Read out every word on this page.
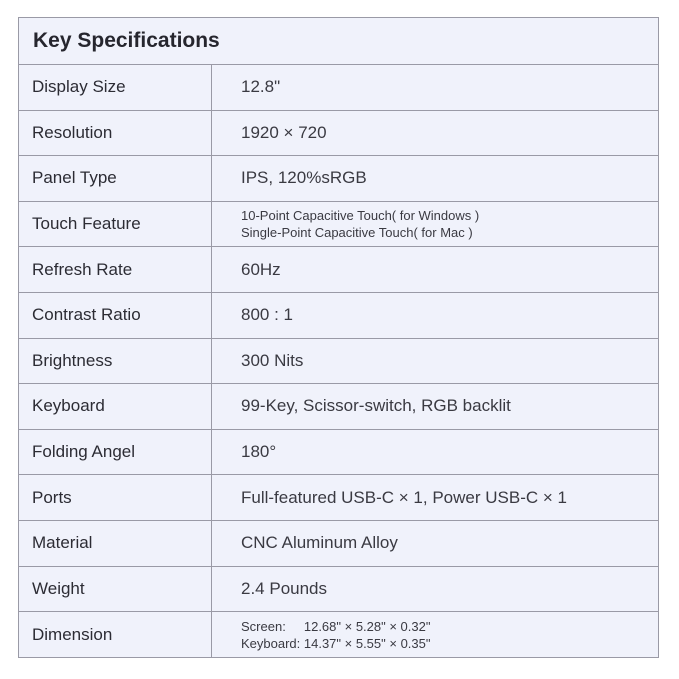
Key Specifications
Display Size	12.8"
Resolution	1920 × 720
Panel Type	IPS, 120%sRGB
Touch Feature	10-Point Capacitive Touch( for Windows )
Single-Point Capacitive Touch( for Mac )
Refresh Rate	60Hz
Contrast Ratio	800 : 1
Brightness	300 Nits
Keyboard	99-Key, Scissor-switch, RGB backlit
Folding Angel	180°
Ports	Full-featured USB-C × 1, Power USB-C × 1
Material	CNC Aluminum Alloy
Weight	2.4 Pounds
Dimension	Screen:     12.68" × 5.28" × 0.32"
Keyboard: 14.37" × 5.55" × 0.35"
